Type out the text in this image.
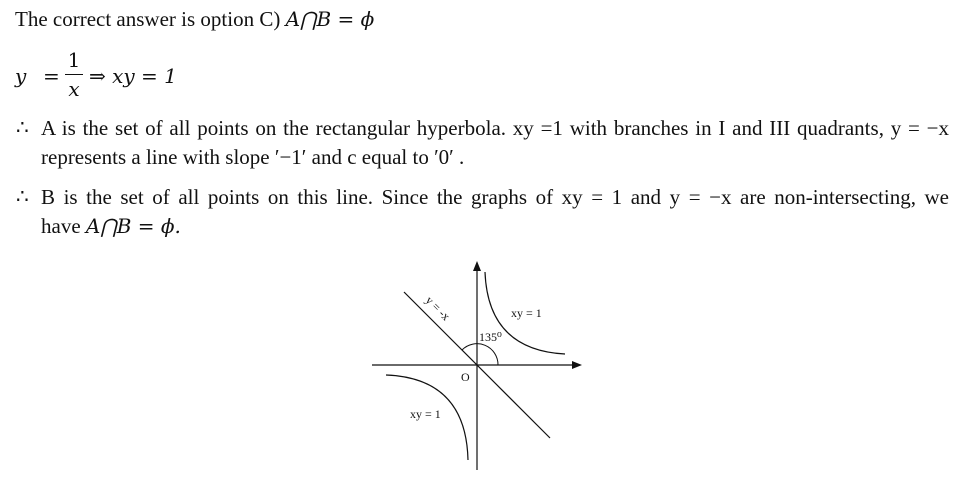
The correct answer is option C) A⋂B = ϕ
y =
1
x
⇒ xy = 1
∴ A is the set of all points on the rectangular hyperbola. xy =1 with branches in I and III quadrants, y = −x
represents a line with slope ′−1′ and c equal to ′0′ .
∴ B is the set of all points on this line. Since the graphs of xy = 1 and y = −x are non-intersecting, we
have A⋂B = ϕ.
y = -x	xy = 1
135⁰
O
xy = 1
